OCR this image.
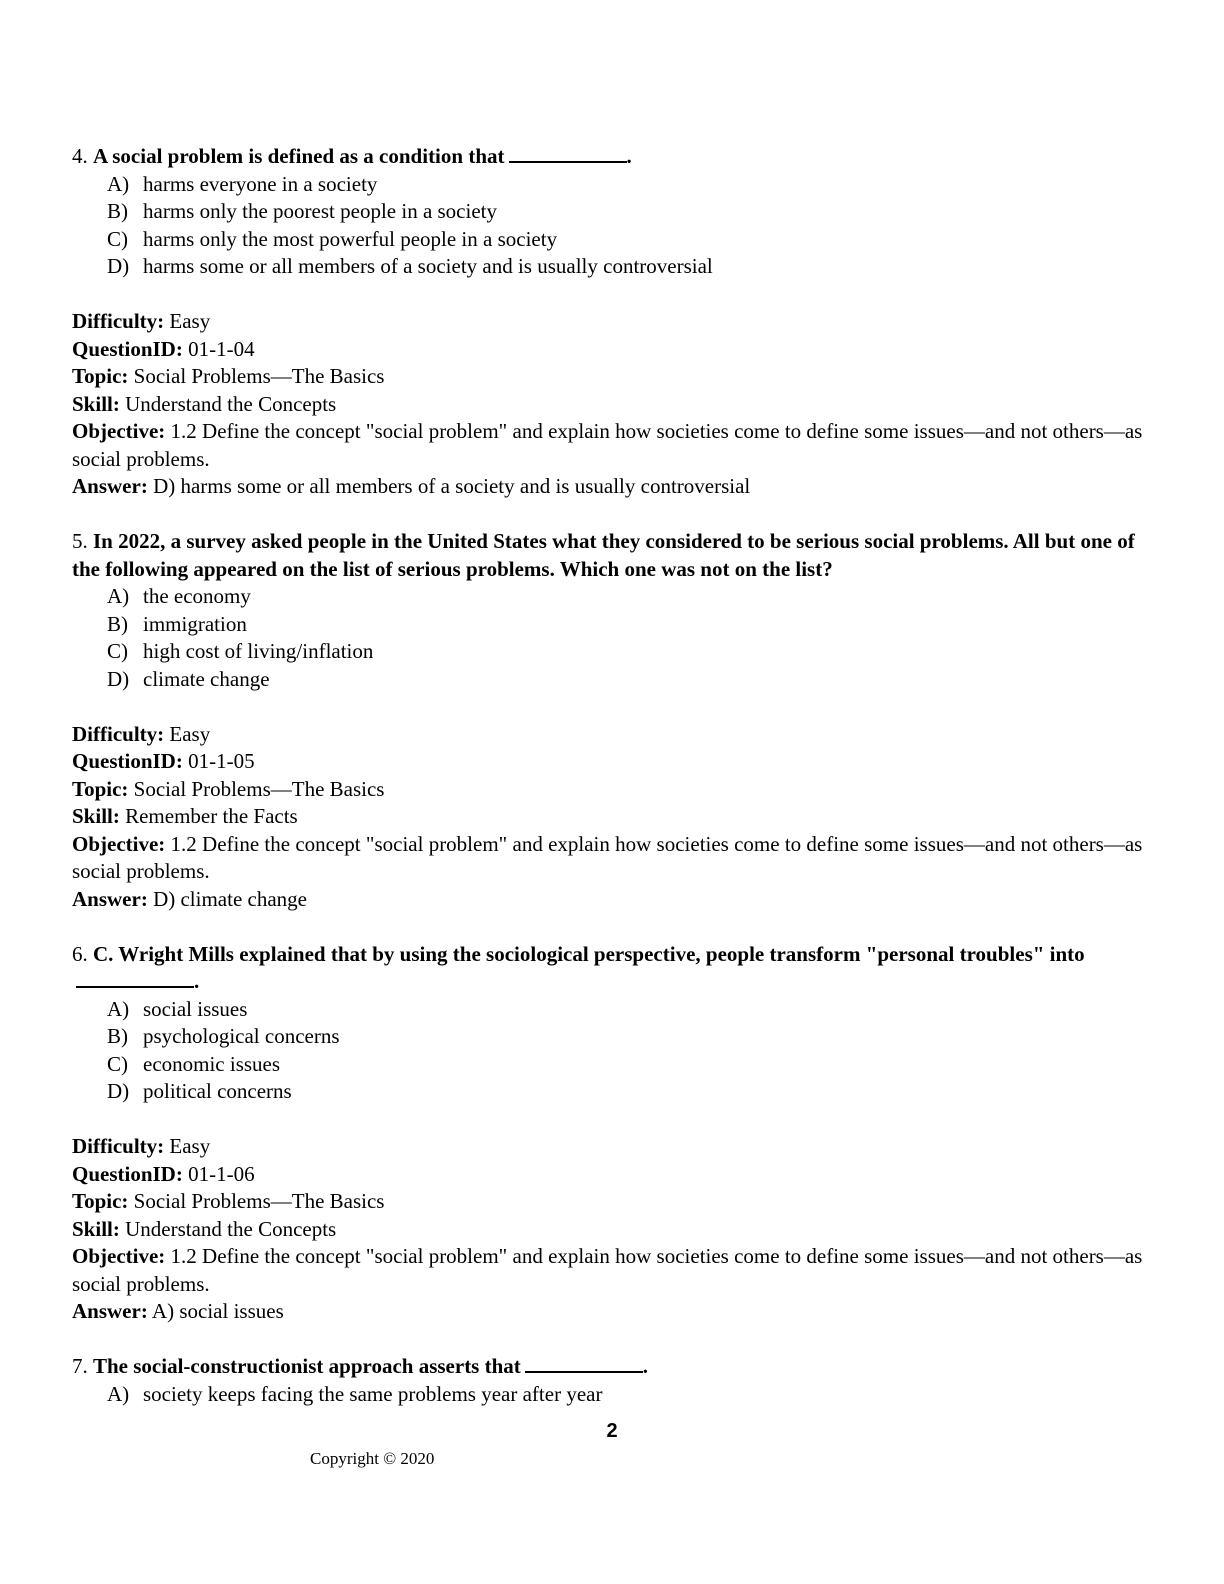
4. A social problem is defined as a condition that	.

A) harms everyone in a society
B) harms only the poorest people in a society
C) harms only the most powerful people in a society
D) harms some or all members of a society and is usually controversial

Difficulty: Easy

QuestionID: 01-1-04

Topic: Social Problems—The Basics

Skill: Understand the Concepts

Objective: 1.2 Define the concept "social problem" and explain how societies come to define some issues—and not others—as social problems.

Answer: D) harms some or all members of a society and is usually controversial

5. In 2022, a survey asked people in the United States what they considered to be serious social problems. All but one of the following appeared on the list of serious problems. Which one was not on the list?

A) the economy
B) immigration
C) high cost of living/inflation
D) climate change

Difficulty: Easy

QuestionID: 01-1-05

Topic: Social Problems—The Basics

Skill: Remember the Facts

Objective: 1.2 Define the concept "social problem" and explain how societies come to define some issues—and not others—as social problems.

Answer: D) climate change

6. C. Wright Mills explained that by using the sociological perspective, people transform "personal troubles" into.

A) social issues
B) psychological concerns
C) economic issues
D) political concerns

Difficulty: Easy

QuestionID: 01-1-06

Topic: Social Problems—The Basics

Skill: Understand the Concepts

Objective: 1.2 Define the concept "social problem" and explain how societies come to define some issues—and not others—as social problems.

Answer: A) social issues

7. The social-constructionist approach asserts that	.

A) society keeps facing the same problems year after year
2
Copyright © 2020
